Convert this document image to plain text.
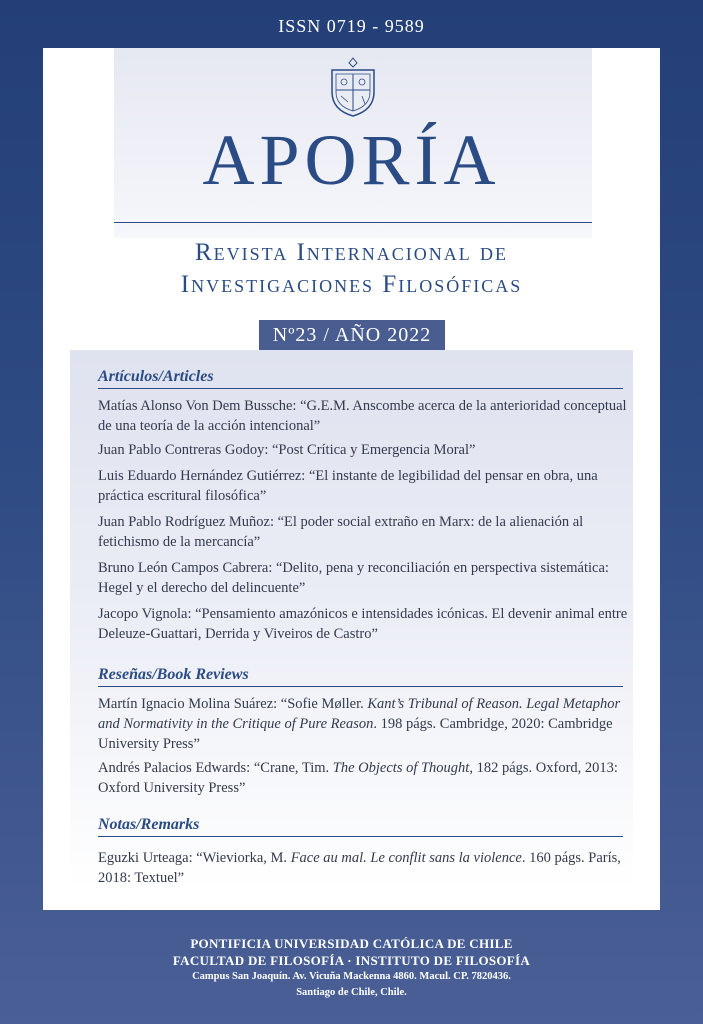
ISSN 0719 - 9589
APORÍA
Revista Internacional de
Investigaciones Filosóficas
Nº23 / AÑO 2022
Artículos/Articles
Matías Alonso Von Dem Bussche: “G.E.M. Anscombe acerca de la anterioridad conceptual
de una teoría de la acción intencional”
Juan Pablo Contreras Godoy: “Post Crítica y Emergencia Moral”
Luis Eduardo Hernández Gutiérrez: “El instante de legibilidad del pensar en obra, una
práctica escritural filosófica”
Juan Pablo Rodríguez Muñoz: “El poder social extraño en Marx: de la alienación al
fetichismo de la mercancía”
Bruno León Campos Cabrera: “Delito, pena y reconciliación en perspectiva sistemática:
Hegel y el derecho del delincuente”
Jacopo Vignola: “Pensamiento amazónicos e intensidades icónicas. El devenir animal entre
Deleuze-Guattari, Derrida y Viveiros de Castro”
Reseñas/Book Reviews
Martín Ignacio Molina Suárez: “Sofie Møller. Kant’s Tribunal of Reason. Legal Metaphor
and Normativity in the Critique of Pure Reason. 198 págs. Cambridge, 2020: Cambridge
University Press”
Andrés Palacios Edwards: “Crane, Tim. The Objects of Thought, 182 págs. Oxford, 2013:
Oxford University Press”
Notas/Remarks
Eguzki Urteaga: “Wieviorka, M. Face au mal. Le conflit sans la violence. 160 págs. París,
2018: Textuel”
PONTIFICIA UNIVERSIDAD CATÓLICA DE CHILE
FACULTAD DE FILOSOFÍA · INSTITUTO DE FILOSOFÍA
Campus San Joaquín. Av. Vicuña Mackenna 4860. Macul. CP. 7820436.
Santiago de Chile, Chile.
